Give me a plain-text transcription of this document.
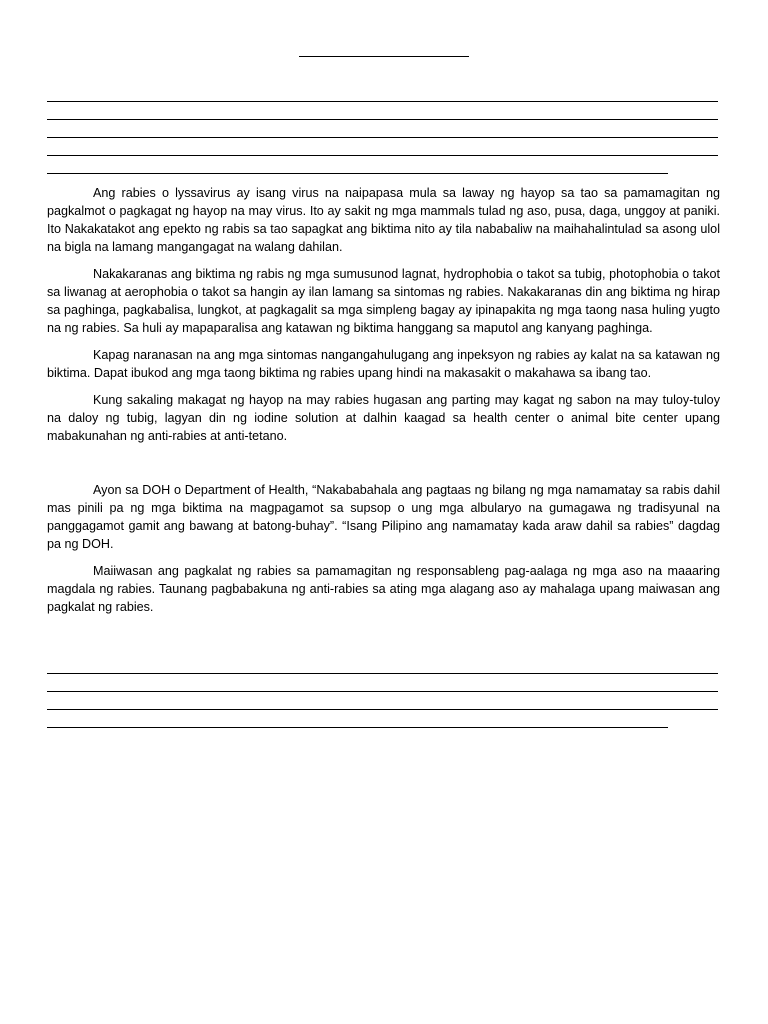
Ang rabies o lyssavirus ay isang virus na naipapasa mula sa laway ng hayop sa tao sa pamamagitan ng pagkalmot o pagkagat ng hayop na may virus. Ito ay sakit ng mga mammals tulad ng aso, pusa, daga, unggoy at paniki. Ito Nakakatakot ang epekto ng rabis sa tao sapagkat ang biktima nito ay tila nababaliw na maihahalintulad sa asong ulol na bigla na lamang mangangagat na walang dahilan.

Nakakaranas ang biktima ng rabis ng mga sumusunod lagnat, hydrophobia o takot sa tubig, photophobia o takot sa liwanag at aerophobia o takot sa hangin ay ilan lamang sa sintomas ng rabies. Nakakaranas din ang biktima ng hirap sa paghinga, pagkabalisa, lungkot, at pagkagalit sa mga simpleng bagay ay ipinapakita ng mga taong nasa huling yugto na ng rabies. Sa huli ay mapaparalisa ang katawan ng biktima hanggang sa maputol ang kanyang paghinga.

Kapag naranasan na ang mga sintomas nangangahulugang ang inpeksyon ng rabies ay kalat na sa katawan ng biktima. Dapat ibukod ang mga taong biktima ng rabies upang hindi na makasakit o makahawa sa ibang tao.

Kung sakaling makagat ng hayop na may rabies hugasan ang parting may kagat ng sabon na may tuloy-tuloy na daloy ng tubig, lagyan din ng iodine solution at dalhin kaagad sa health center o animal bite center upang mabakunahan ng anti-rabies at anti-tetano.

Ayon sa DOH o Department of Health, “Nakababahala ang pagtaas ng bilang ng mga namamatay sa rabis dahil mas pinili pa ng mga biktima na magpagamot sa supsop o ung mga albularyo na gumagawa ng tradisyunal na panggagamot gamit ang bawang at batong-buhay”. “Isang Pilipino ang namamatay kada araw dahil sa rabies” dagdag pa ng DOH.

Maiiwasan ang pagkalat ng rabies sa pamamagitan ng responsableng pag-aalaga ng mga aso na maaaring magdala ng rabies. Taunang pagbabakuna ng anti-rabies sa ating mga alagang aso ay mahalaga upang maiwasan ang pagkalat ng rabies.
